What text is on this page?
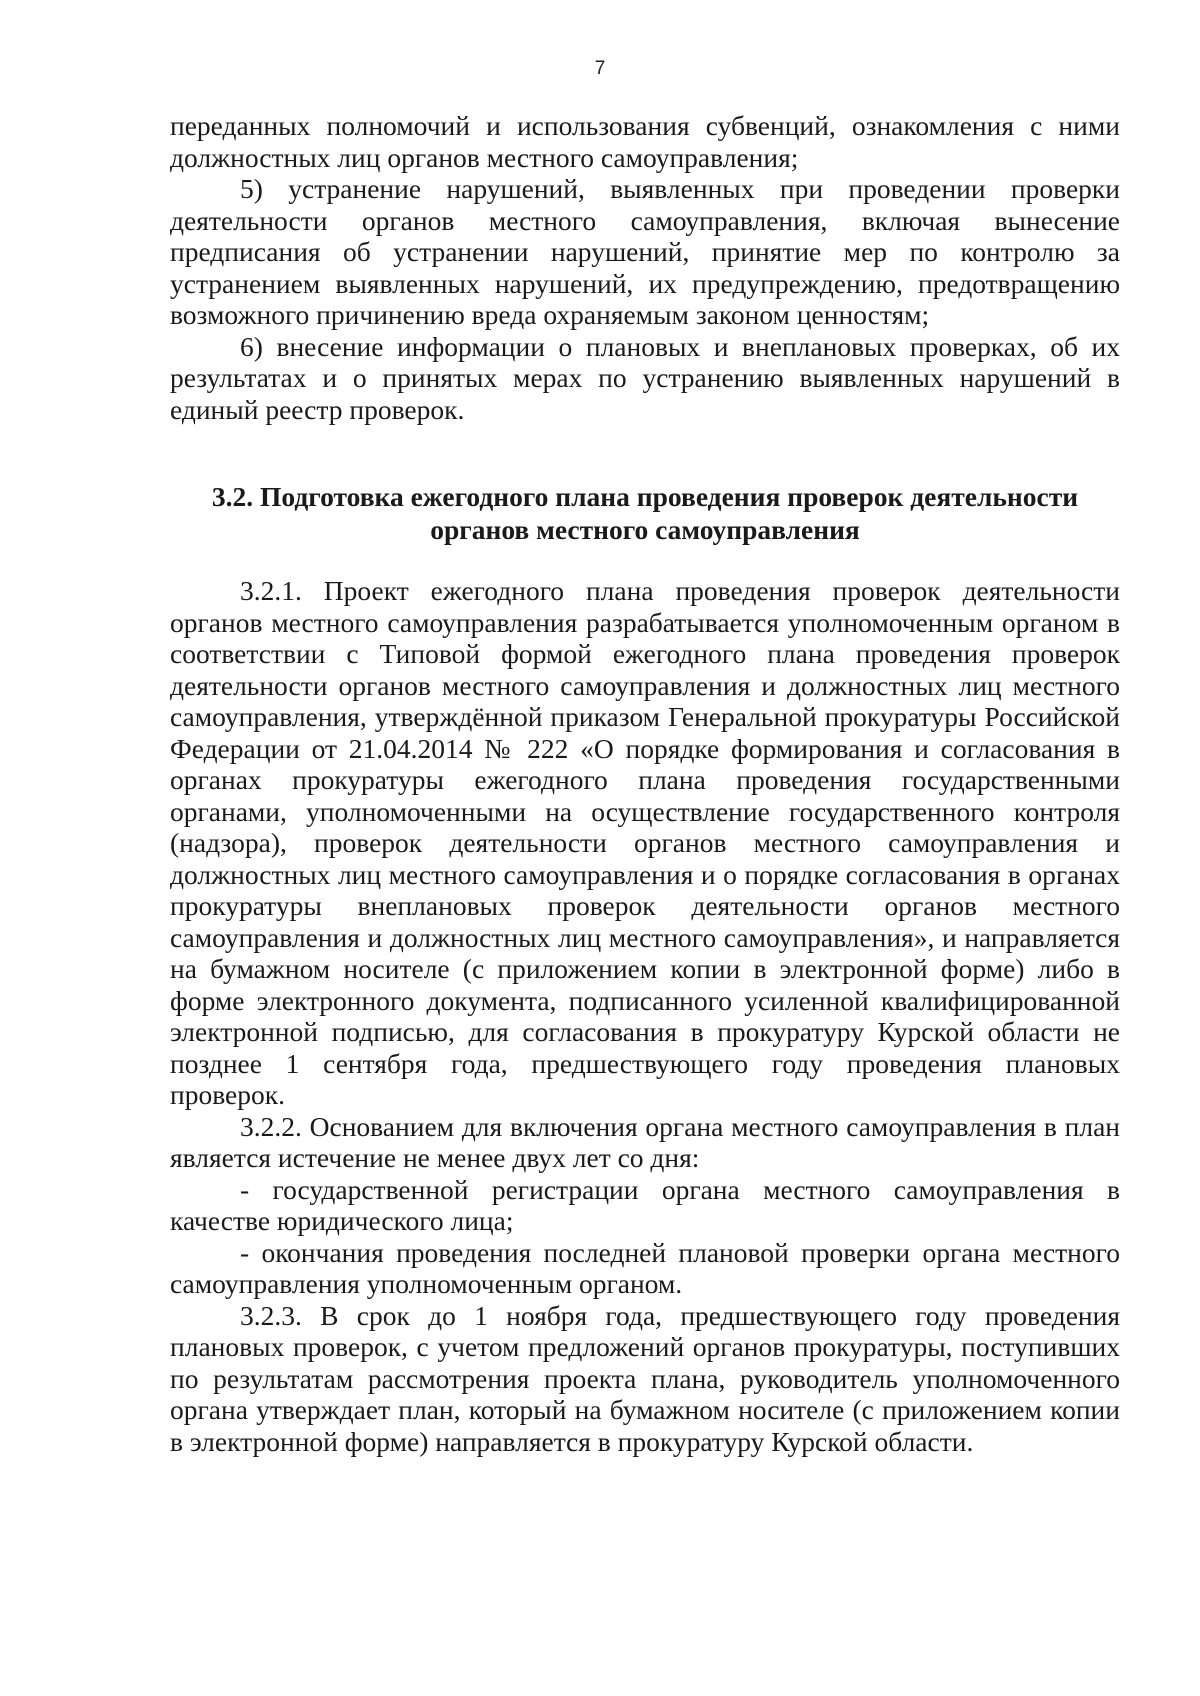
7

переданных полномочий и использования субвенций, ознакомления с ними должностных лиц органов местного самоуправления;

5) устранение нарушений, выявленных при проведении проверки деятельности органов местного самоуправления, включая вынесение предписания об устранении нарушений, принятие мер по контролю за устранением выявленных нарушений, их предупреждению, предотвращению возможного причинению вреда охраняемым законом ценностям;

6) внесение информации о плановых и внеплановых проверках, об их результатах и о принятых мерах по устранению выявленных нарушений в единый реестр проверок.

3.2. Подготовка ежегодного плана проведения проверок деятельности
органов местного самоуправления

3.2.1. Проект ежегодного плана проведения проверок деятельности органов местного самоуправления разрабатывается уполномоченным органом в соответствии с Типовой формой ежегодного плана проведения проверок деятельности органов местного самоуправления и должностных лиц местного самоуправления, утверждённой приказом Генеральной прокуратуры Российской Федерации от 21.04.2014 № 222 «О порядке формирования и согласования в органах прокуратуры ежегодного плана проведения государственными органами, уполномоченными на осуществление государственного контроля (надзора), проверок деятельности органов местного самоуправления и должностных лиц местного самоуправления и о порядке согласования в органах прокуратуры внеплановых проверок деятельности органов местного самоуправления и должностных лиц местного самоуправления», и направляется на бумажном носителе (с приложением копии в электронной форме) либо в форме электронного документа, подписанного усиленной квалифицированной электронной подписью, для согласования в прокуратуру Курской области не позднее 1 сентября года, предшествующего году проведения плановых проверок.

3.2.2. Основанием для включения органа местного самоуправления в план является истечение не менее двух лет со дня:

- государственной регистрации органа местного самоуправления в качестве юридического лица;

- окончания проведения последней плановой проверки органа местного самоуправления уполномоченным органом.

3.2.3. В срок до 1 ноября года, предшествующего году проведения плановых проверок, с учетом предложений органов прокуратуры, поступивших по результатам рассмотрения проекта плана, руководитель уполномоченного органа утверждает план, который на бумажном носителе (с приложением копии в электронной форме) направляется в прокуратуру Курской области.
